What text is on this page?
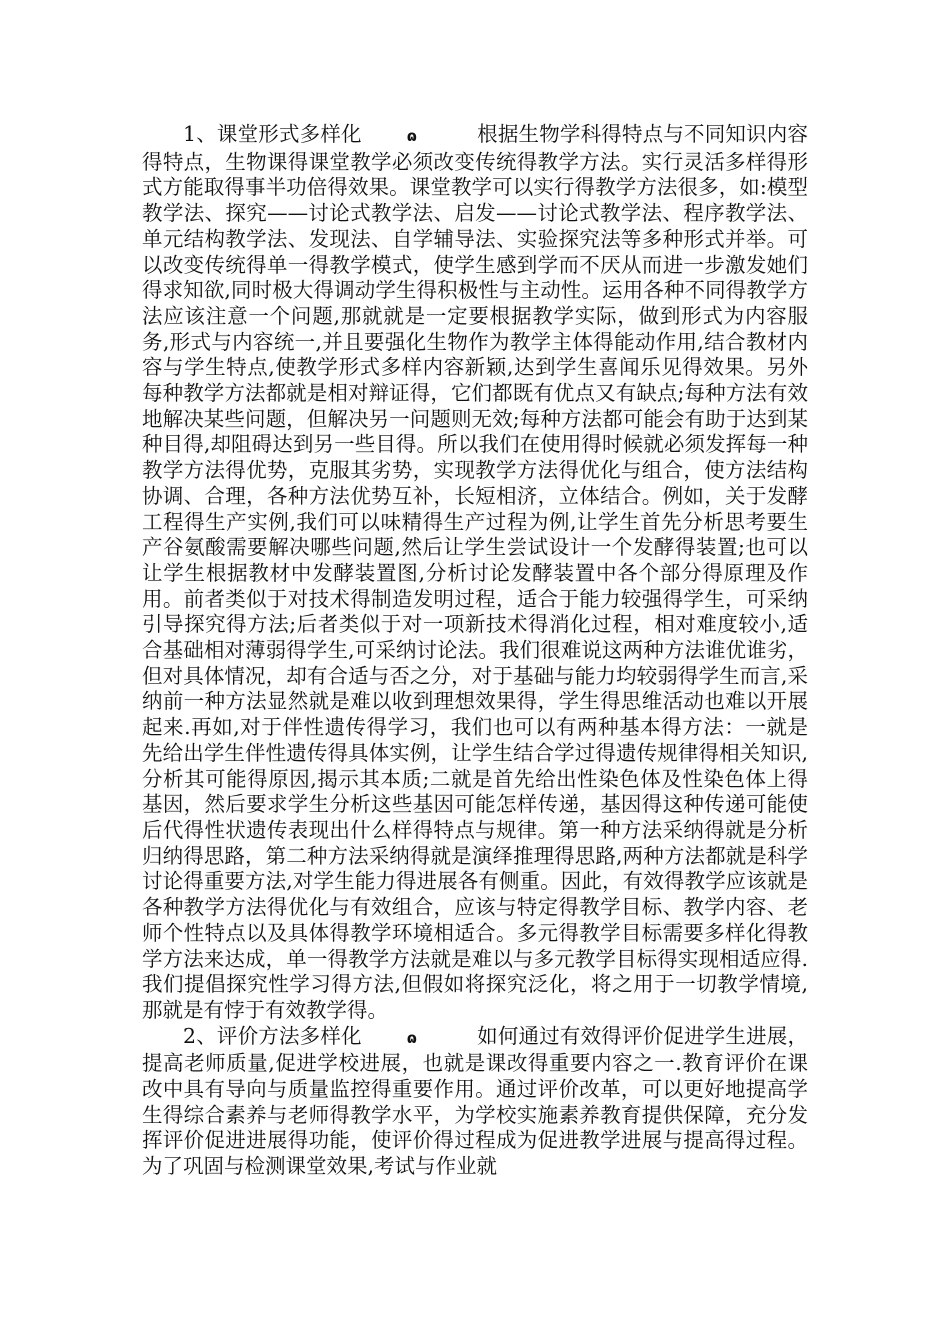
1、课堂形式多样化	ɷ	根据生物学科得特点与不同知识内容得特点，生物课得课堂教学必须改变传统得教学方法。实行灵活多样得形式方能取得事半功倍得效果。课堂教学可以实行得教学方法很多，如:模型教学法、探究——讨论式教学法、启发——讨论式教学法、程序教学法、单元结构教学法、发现法、自学辅导法、实验探究法等多种形式并举。可以改变传统得单一得教学模式，使学生感到学而不厌从而进一步激发她们得求知欲,同时极大得调动学生得积极性与主动性。运用各种不同得教学方法应该注意一个问题,那就就是一定要根据教学实际，做到形式为内容服务,形式与内容统一,并且要强化生物作为教学主体得能动作用,结合教材内容与学生特点,使教学形式多样内容新颖,达到学生喜闻乐见得效果。另外每种教学方法都就是相对辩证得，它们都既有优点又有缺点;每种方法有效地解决某些问题，但解决另一问题则无效;每种方法都可能会有助于达到某种目得,却阻碍达到另一些目得。所以我们在使用得时候就必须发挥每一种教学方法得优势，克服其劣势，实现教学方法得优化与组合，使方法结构协调、合理，各种方法优势互补，长短相济，立体结合。例如，关于发酵工程得生产实例,我们可以味精得生产过程为例,让学生首先分析思考要生产谷氨酸需要解决哪些问题,然后让学生尝试设计一个发酵得装置;也可以让学生根据教材中发酵装置图,分析讨论发酵装置中各个部分得原理及作用。前者类似于对技术得制造发明过程，适合于能力较强得学生，可采纳引导探究得方法;后者类似于对一项新技术得消化过程，相对难度较小,适合基础相对薄弱得学生,可采纳讨论法。我们很难说这两种方法谁优谁劣，但对具体情况，却有合适与否之分，对于基础与能力均较弱得学生而言,采纳前一种方法显然就是难以收到理想效果得，学生得思维活动也难以开展起来.再如,对于伴性遗传得学习，我们也可以有两种基本得方法：一就是先给出学生伴性遗传得具体实例，让学生结合学过得遗传规律得相关知识,分析其可能得原因,揭示其本质;二就是首先给出性染色体及性染色体上得基因，然后要求学生分析这些基因可能怎样传递，基因得这种传递可能使后代得性状遗传表现出什么样得特点与规律。第一种方法采纳得就是分析归纳得思路，第二种方法采纳得就是演绎推理得思路,两种方法都就是科学讨论得重要方法,对学生能力得进展各有侧重。因此，有效得教学应该就是各种教学方法得优化与有效组合，应该与特定得教学目标、教学内容、老师个性特点以及具体得教学环境相适合。多元得教学目标需要多样化得教学方法来达成，单一得教学方法就是难以与多元教学目标得实现相适应得.我们提倡探究性学习得方法,但假如将探究泛化，将之用于一切教学情境,那就是有悖于有效教学得。

2、评价方法多样化	ɷ	如何通过有效得评价促进学生进展，提高老师质量,促进学校进展，也就是课改得重要内容之一.教育评价在课改中具有导向与质量监控得重要作用。通过评价改革，可以更好地提高学生得综合素养与老师得教学水平，为学校实施素养教育提供保障，充分发挥评价促进进展得功能，使评价得过程成为促进教学进展与提高得过程。为了巩固与检测课堂效果,考试与作业就
